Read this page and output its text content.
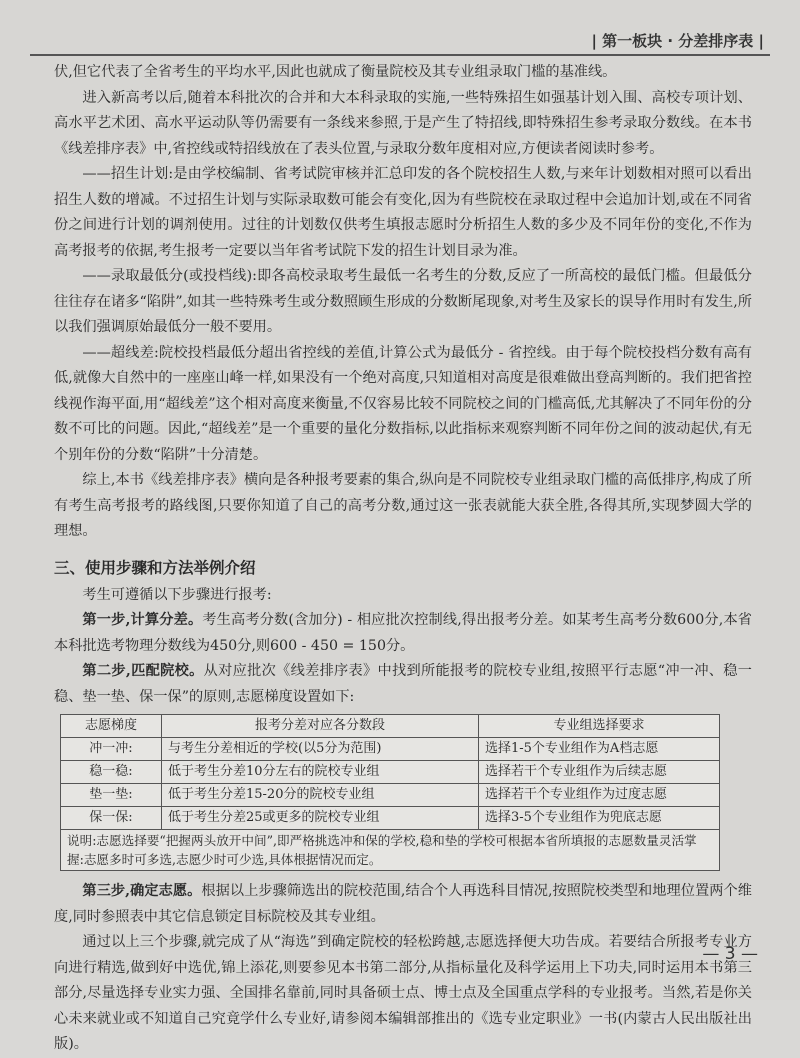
| 第一板块 · 分差排序表 |

伏,但它代表了全省考生的平均水平,因此也就成了衡量院校及其专业组录取门槛的基准线。

进入新高考以后,随着本科批次的合并和大本科录取的实施,一些特殊招生如强基计划入围、高校专项计划、高水平艺术团、高水平运动队等仍需要有一条线来参照,于是产生了特招线,即特殊招生参考录取分数线。在本书《线差排序表》中,省控线或特招线放在了表头位置,与录取分数年度相对应,方便读者阅读时参考。

——招生计划:是由学校编制、省考试院审核并汇总印发的各个院校招生人数,与来年计划数相对照可以看出招生人数的增减。不过招生计划与实际录取数可能会有变化,因为有些院校在录取过程中会追加计划,或在不同省份之间进行计划的调剂使用。过往的计划数仅供考生填报志愿时分析招生人数的多少及不同年份的变化,不作为高考报考的依据,考生报考一定要以当年省考试院下发的招生计划目录为准。

——录取最低分(或投档线):即各高校录取考生最低一名考生的分数,反应了一所高校的最低门槛。但最低分往往存在诸多“陷阱”,如其一些特殊考生或分数照顾生形成的分数断尾现象,对考生及家长的误导作用时有发生,所以我们强调原始最低分一般不要用。

——超线差:院校投档最低分超出省控线的差值,计算公式为最低分 - 省控线。由于每个院校投档分数有高有低,就像大自然中的一座座山峰一样,如果没有一个绝对高度,只知道相对高度是很难做出登高判断的。我们把省控线视作海平面,用“超线差”这个相对高度来衡量,不仅容易比较不同院校之间的门槛高低,尤其解决了不同年份的分数不可比的问题。因此,“超线差”是一个重要的量化分数指标,以此指标来观察判断不同年份之间的波动起伏,有无个别年份的分数“陷阱”十分清楚。

综上,本书《线差排序表》横向是各种报考要素的集合,纵向是不同院校专业组录取门槛的高低排序,构成了所有考生高考报考的路线图,只要你知道了自己的高考分数,通过这一张表就能大获全胜,各得其所,实现梦圆大学的理想。

三、使用步骤和方法举例介绍

考生可遵循以下步骤进行报考:

第一步,计算分差。考生高考分数(含加分) - 相应批次控制线,得出报考分差。如某考生高考分数600分,本省本科批选考物理分数线为450分,则600 - 450 = 150分。

第二步,匹配院校。从对应批次《线差排序表》中找到所能报考的院校专业组,按照平行志愿“冲一冲、稳一稳、垫一垫、保一保”的原则,志愿梯度设置如下:

志愿梯度	报考分差对应各分数段	专业组选择要求
冲一冲:	与考生分差相近的学校(以5分为范围)	选择1-5个专业组作为A档志愿
稳一稳:	低于考生分差10分左右的院校专业组	选择若干个专业组作为后续志愿
垫一垫:	低于考生分差15-20分的院校专业组	选择若干个专业组作为过度志愿
保一保:	低于考生分差25或更多的院校专业组	选择3-5个专业组作为兜底志愿
说明:志愿选择要“把握两头放开中间”,即严格挑选冲和保的学校,稳和垫的学校可根据本省所填报的志愿数量灵活掌握:志愿多时可多选,志愿少时可少选,具体根据情况而定。		

第三步,确定志愿。根据以上步骤筛选出的院校范围,结合个人再选科目情况,按照院校类型和地理位置两个维度,同时参照表中其它信息锁定目标院校及其专业组。

通过以上三个步骤,就完成了从“海选”到确定院校的轻松跨越,志愿选择便大功告成。若要结合所报考专业方向进行精选,做到好中选优,锦上添花,则要参见本书第二部分,从指标量化及科学运用上下功夫,同时运用本书第三部分,尽量选择专业实力强、全国排名靠前,同时具备硕士点、博士点及全国重点学科的专业报考。当然,若是你关心未来就业或不知道自己究竟学什么专业好,请参阅本编辑部推出的《选专业定职业》一书(内蒙古人民出版社出版)。

— 3 —
